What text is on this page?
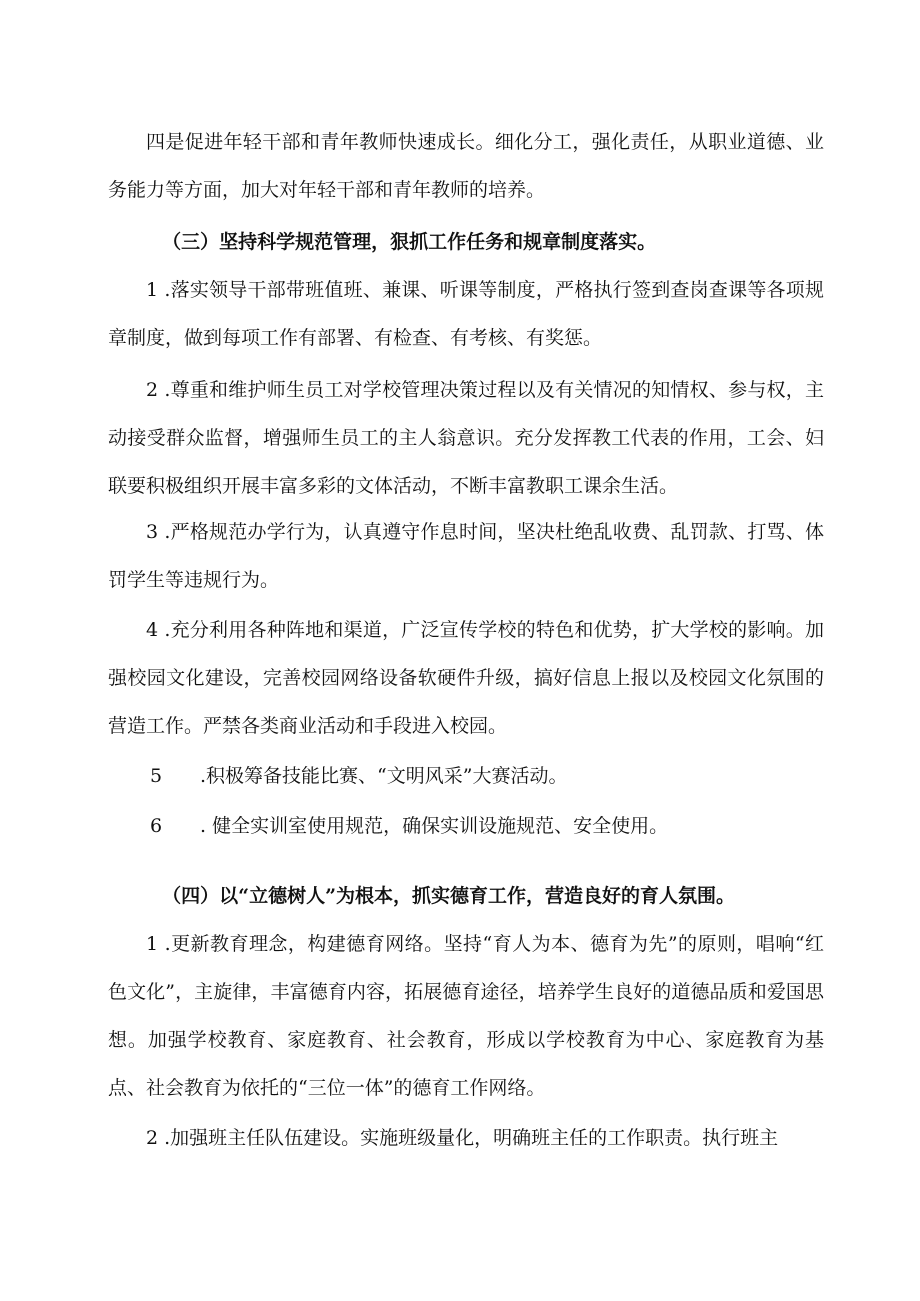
四是促进年轻干部和青年教师快速成长。细化分工，强化责任，从职业道德、业务能力等方面，加大对年轻干部和青年教师的培养。

（三）坚持科学规范管理，狠抓工作任务和规章制度落实。

1 .落实领导干部带班值班、兼课、听课等制度，严格执行签到查岗查课等各项规章制度，做到每项工作有部署、有检查、有考核、有奖惩。

2 .尊重和维护师生员工对学校管理决策过程以及有关情况的知情权、参与权，主动接受群众监督，增强师生员工的主人翁意识。充分发挥教工代表的作用，工会、妇联要积极组织开展丰富多彩的文体活动，不断丰富教职工课余生活。

3 .严格规范办学行为，认真遵守作息时间，坚决杜绝乱收费、乱罚款、打骂、体罚学生等违规行为。

4 .充分利用各种阵地和渠道，广泛宣传学校的特色和优势，扩大学校的影响。加强校园文化建设，完善校园网络设备软硬件升级，搞好信息上报以及校园文化氛围的营造工作。严禁各类商业活动和手段进入校园。

5 .积极筹备技能比赛、“文明风采”大赛活动。

6 . 健全实训室使用规范，确保实训设施规范、安全使用。

（四）以“立德树人”为根本，抓实德育工作，营造良好的育人氛围。

1 .更新教育理念，构建德育网络。坚持“育人为本、德育为先”的原则，唱响“红色文化”，主旋律，丰富德育内容，拓展德育途径，培养学生良好的道德品质和爱国思想。加强学校教育、家庭教育、社会教育，形成以学校教育为中心、家庭教育为基点、社会教育为依托的“三位一体”的德育工作网络。

2 .加强班主任队伍建设。实施班级量化，明确班主任的工作职责。执行班主
